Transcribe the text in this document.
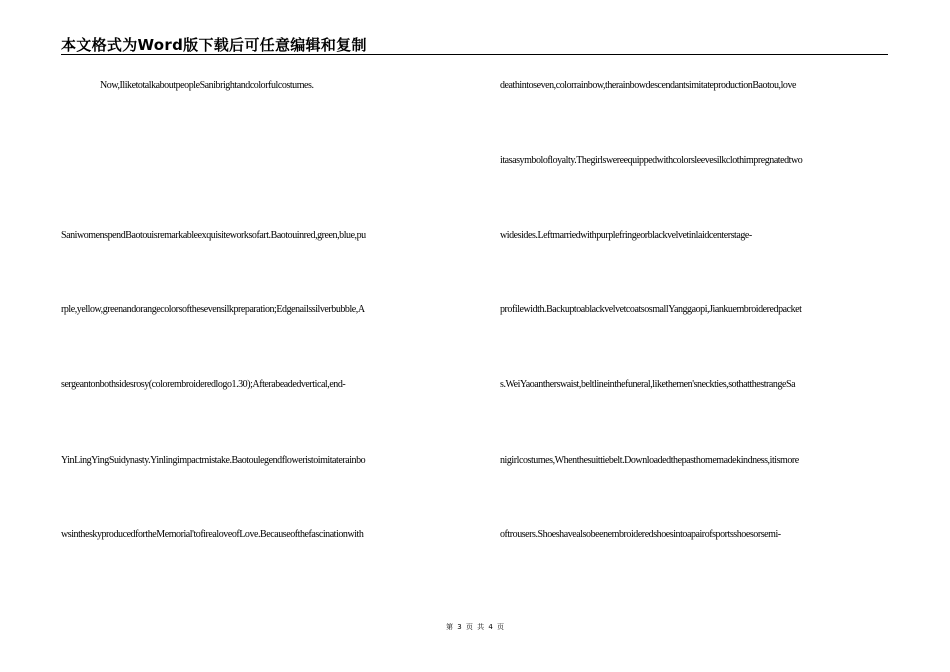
本文格式为Word版下载后可任意编辑和复制
Now,IliketotalkaboutpeopleSanibrightandcolorfulcostumes.
SaniwomenspendBaotouisremarkableexquisiteworksofart.Baotouinred,green,blue,pu
rple,yellow,greenandorangecolorsofthesevensilkpreparation;Edgenailssilverbubble,A
sergeantonbothsidesrosy(colorembroideredlogo1.30);Afterabeadedvertical,end-
YinLingYingSuidynasty.Yinlingimpactmistake.Baotoulegendfloweristoimitaterainbo
wsintheskyproducedfortheMemorial'tofirealoveofLove.Becauseofthefascinationwith
deathintoseven,colorrainbow,therainbowdescendantsimitateproductionBaotou,love
itasasymbolofloyalty.Thegirlswereequippedwithcolorsleevesilkclothimpregnatedtwo
widesides.Leftmarriedwithpurplefringeorblackvelvetinlaidcenterstage-
profilewidth.BackuptoablackvelvetcoatsosmallYanggaopi,Jiankuembroideredpacket
s.WeiYaoantherswaist,beltlineinthefuneral,likethemen'sneckties,sothatthestrangeSa
nigirlcostumes,Whenthesuittiebelt.Downloadedthepasthomemadekindness,itismore
oftrousers.Shoeshavealsobeenembroideredshoesintoapairofsportsshoesorsemi-
第 3 页 共 4 页
